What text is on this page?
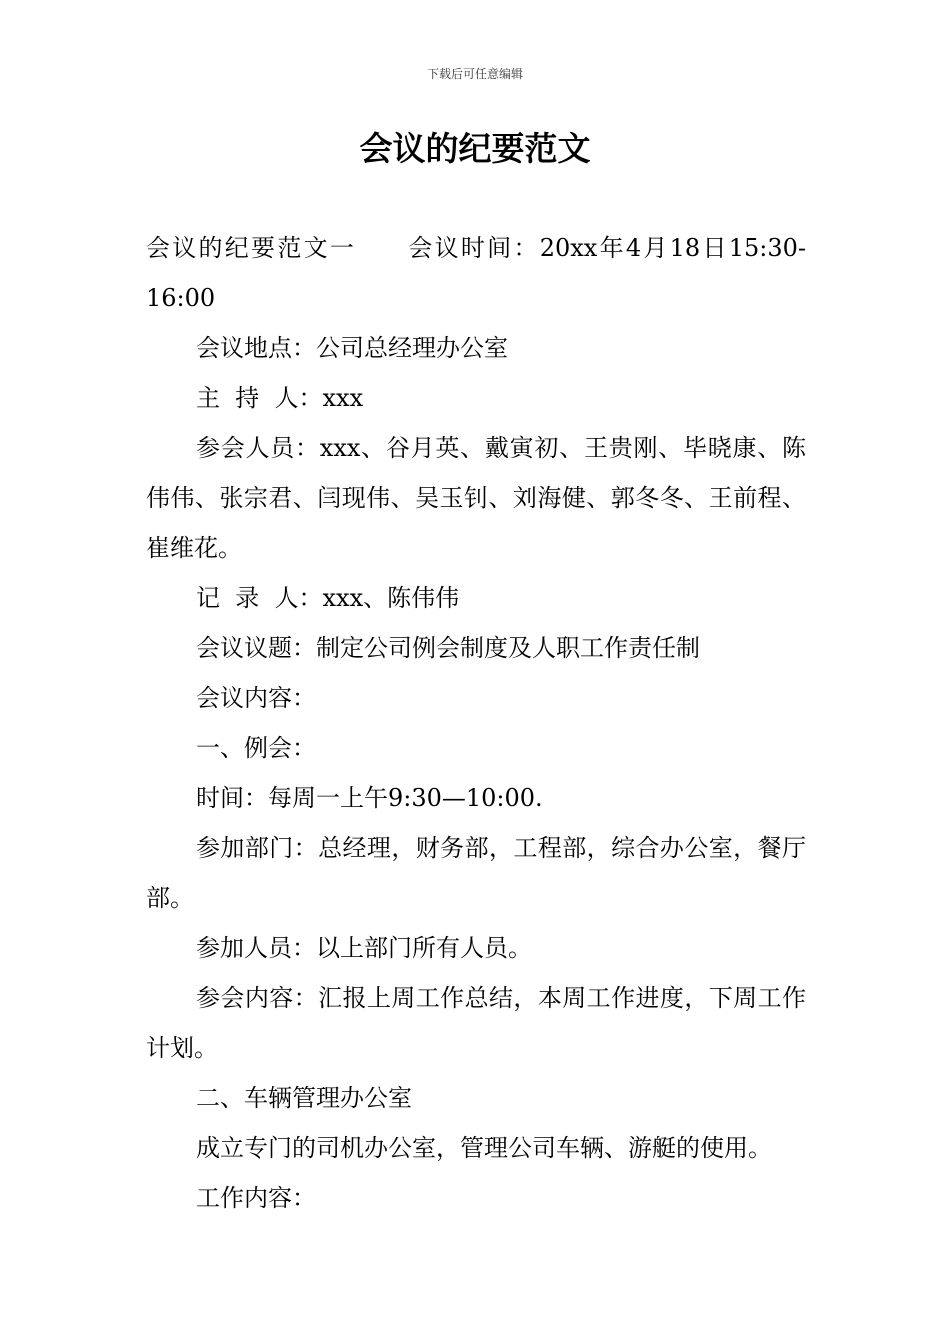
下载后可任意编辑
会议的纪要范文

会议的纪要范文一 会议时间：20xx年4月18日15:30-16:00

会议地点：公司总经理办公室

主  持  人：xxx

参会人员：xxx、谷月英、戴寅初、王贵刚、毕晓康、陈伟伟、张宗君、闫现伟、吴玉钊、刘海健、郭冬冬、王前程、崔维花。

记  录  人：xxx、陈伟伟

会议议题：制定公司例会制度及人职工作责任制

会议内容：

一、例会：

时间：每周一上午9:30—10:00.

参加部门：总经理，财务部，工程部，综合办公室，餐厅部。

参加人员：以上部门所有人员。

参会内容：汇报上周工作总结，本周工作进度，下周工作计划。

二、车辆管理办公室

成立专门的司机办公室，管理公司车辆、游艇的使用。

工作内容：
